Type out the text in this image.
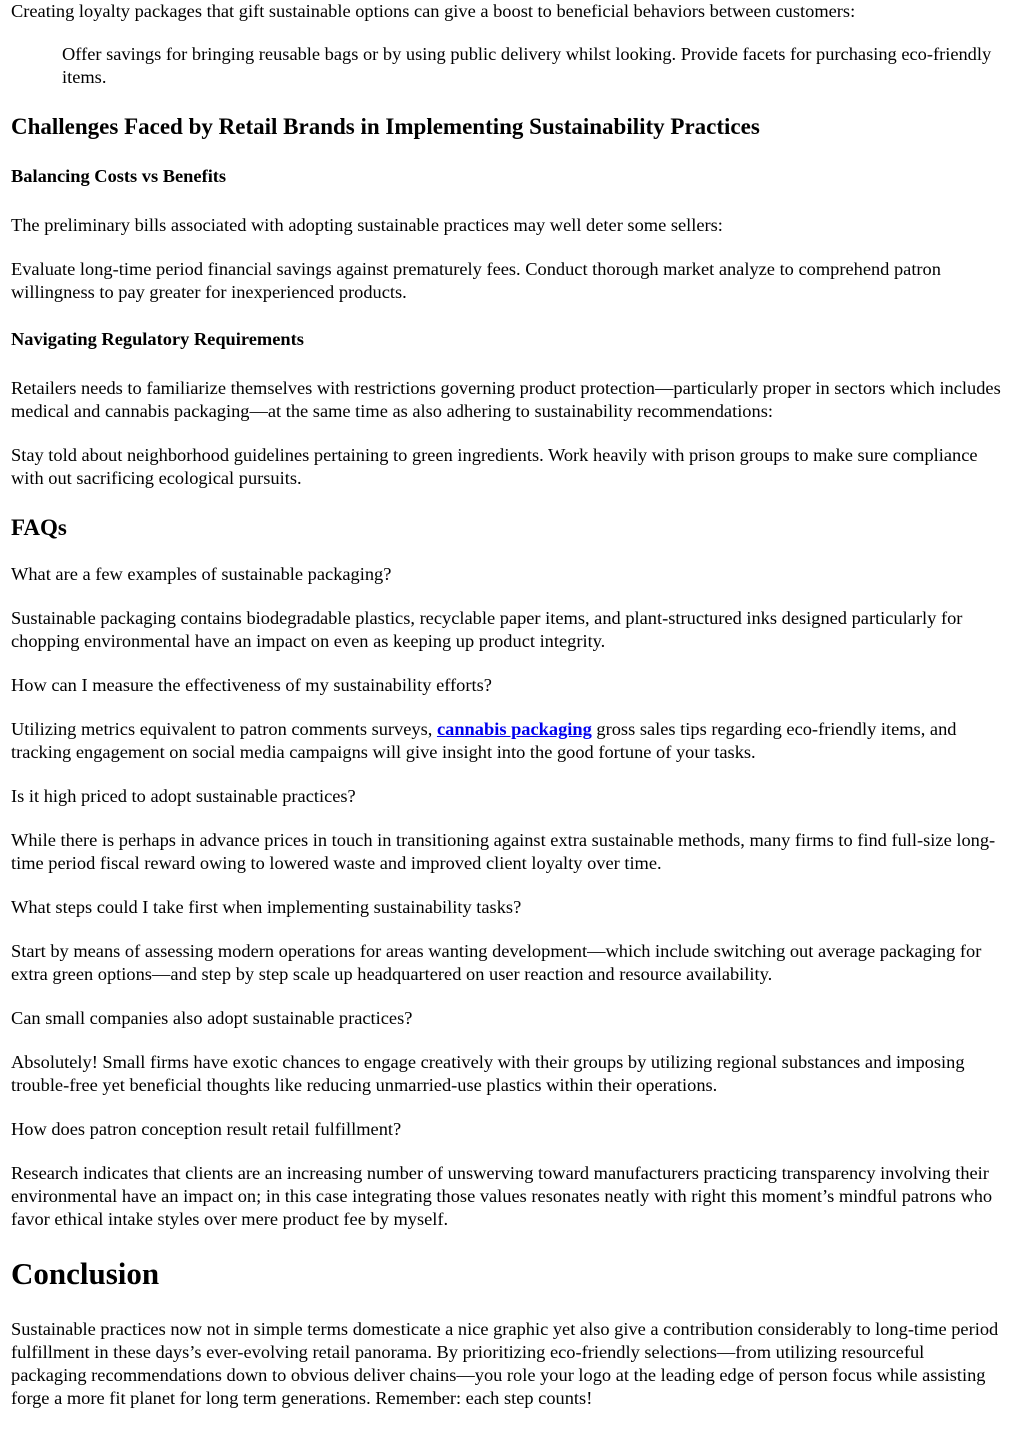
Creating loyalty packages that gift sustainable options can give a boost to beneficial behaviors between customers:

Offer savings for bringing reusable bags or by using public delivery whilst looking. Provide facets for purchasing eco-friendly items.

Challenges Faced by Retail Brands in Implementing Sustainability Practices
Balancing Costs vs Benefits

The preliminary bills associated with adopting sustainable practices may well deter some sellers:

Evaluate long-time period financial savings against prematurely fees. Conduct thorough market analyze to comprehend patron willingness to pay greater for inexperienced products.

Navigating Regulatory Requirements

Retailers needs to familiarize themselves with restrictions governing product protection—particularly proper in sectors which includes medical and cannabis packaging—at the same time as also adhering to sustainability recommendations:

Stay told about neighborhood guidelines pertaining to green ingredients. Work heavily with prison groups to make sure compliance with out sacrificing ecological pursuits.

FAQs

What are a few examples of sustainable packaging?

Sustainable packaging contains biodegradable plastics, recyclable paper items, and plant-structured inks designed particularly for chopping environmental have an impact on even as keeping up product integrity.

How can I measure the effectiveness of my sustainability efforts?

Utilizing metrics equivalent to patron comments surveys, cannabis packaging gross sales tips regarding eco-friendly items, and tracking engagement on social media campaigns will give insight into the good fortune of your tasks.

Is it high priced to adopt sustainable practices?

While there is perhaps in advance prices in touch in transitioning against extra sustainable methods, many firms to find full-size long-time period fiscal reward owing to lowered waste and improved client loyalty over time.

What steps could I take first when implementing sustainability tasks?

Start by means of assessing modern operations for areas wanting development—which include switching out average packaging for extra green options—and step by step scale up headquartered on user reaction and resource availability.

Can small companies also adopt sustainable practices?

Absolutely! Small firms have exotic chances to engage creatively with their groups by utilizing regional substances and imposing trouble-free yet beneficial thoughts like reducing unmarried-use plastics within their operations.

How does patron conception result retail fulfillment?

Research indicates that clients are an increasing number of unswerving toward manufacturers practicing transparency involving their environmental have an impact on; in this case integrating those values resonates neatly with right this moment’s mindful patrons who favor ethical intake styles over mere product fee by myself.

Conclusion

Sustainable practices now not in simple terms domesticate a nice graphic yet also give a contribution considerably to long-time period fulfillment in these days’s ever-evolving retail panorama. By prioritizing eco-friendly selections—from utilizing resourceful packaging recommendations down to obvious deliver chains—you role your logo at the leading edge of person focus while assisting forge a more fit planet for long term generations. Remember: each step counts!
